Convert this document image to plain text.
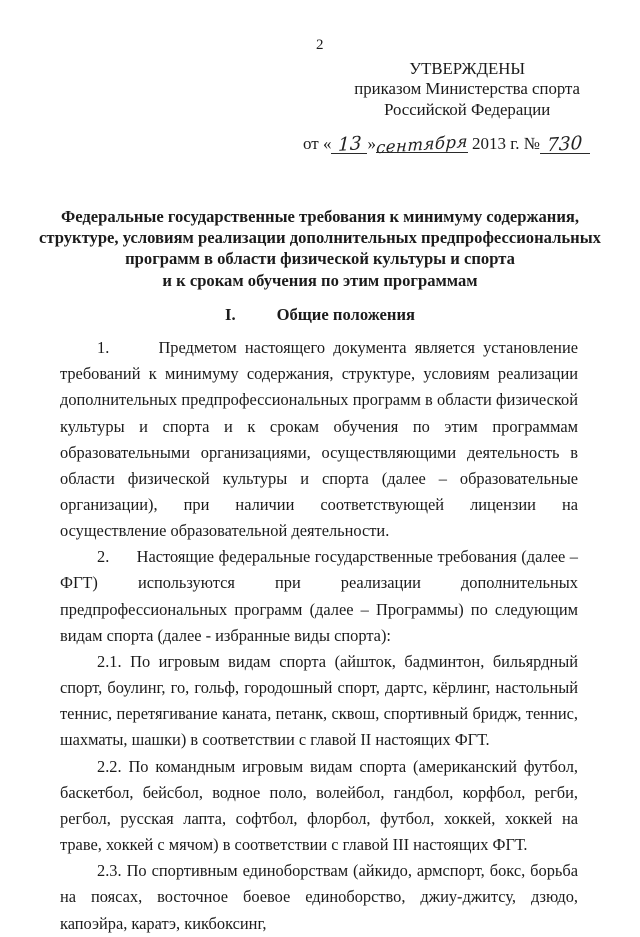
2
УТВЕРЖДЕНЫ
приказом Министерства спорта
Российской Федерации
от « 13 »сентября 2013 г. № 730
Федеральные государственные требования к минимуму содержания,
структуре, условиям реализации дополнительных предпрофессиональных
программ в области физической культуры и спорта
и к срокам обучения по этим программам
I. Общие положения

1.      Предметом настоящего документа является установление требований к минимуму содержания, структуре, условиям реализации дополнительных предпрофессиональных программ в области физической культуры и спорта и к срокам обучения по этим программам образовательными организациями, осуществляющими деятельность в области физической культуры и спорта (далее – образовательные организации), при наличии соответствующей лицензии на осуществление образовательной деятельности.

2.      Настоящие федеральные государственные требования (далее – ФГТ) используются при реализации дополнительных предпрофессиональных программ (далее – Программы) по следующим видам спорта (далее - избранные виды спорта):

2.1. По игровым видам спорта (айшток, бадминтон, бильярдный спорт, боулинг, го, гольф, городошный спорт, дартс, кёрлинг, настольный теннис, перетягивание каната, петанк, сквош, спортивный бридж, теннис, шахматы, шашки) в соответствии с главой II настоящих ФГТ.

2.2. По командным игровым видам спорта (американский футбол, баскетбол, бейсбол, водное поло, волейбол, гандбол, корфбол, регби, регбол, русская лапта, софтбол, флорбол, футбол, хоккей, хоккей на траве, хоккей с мячом) в соответствии с главой III настоящих ФГТ.

2.3. По спортивным единоборствам (айкидо, армспорт, бокс, борьба на поясах, восточное боевое единоборство, джиу-джитсу, дзюдо, капоэйра, каратэ, кикбоксинг,
